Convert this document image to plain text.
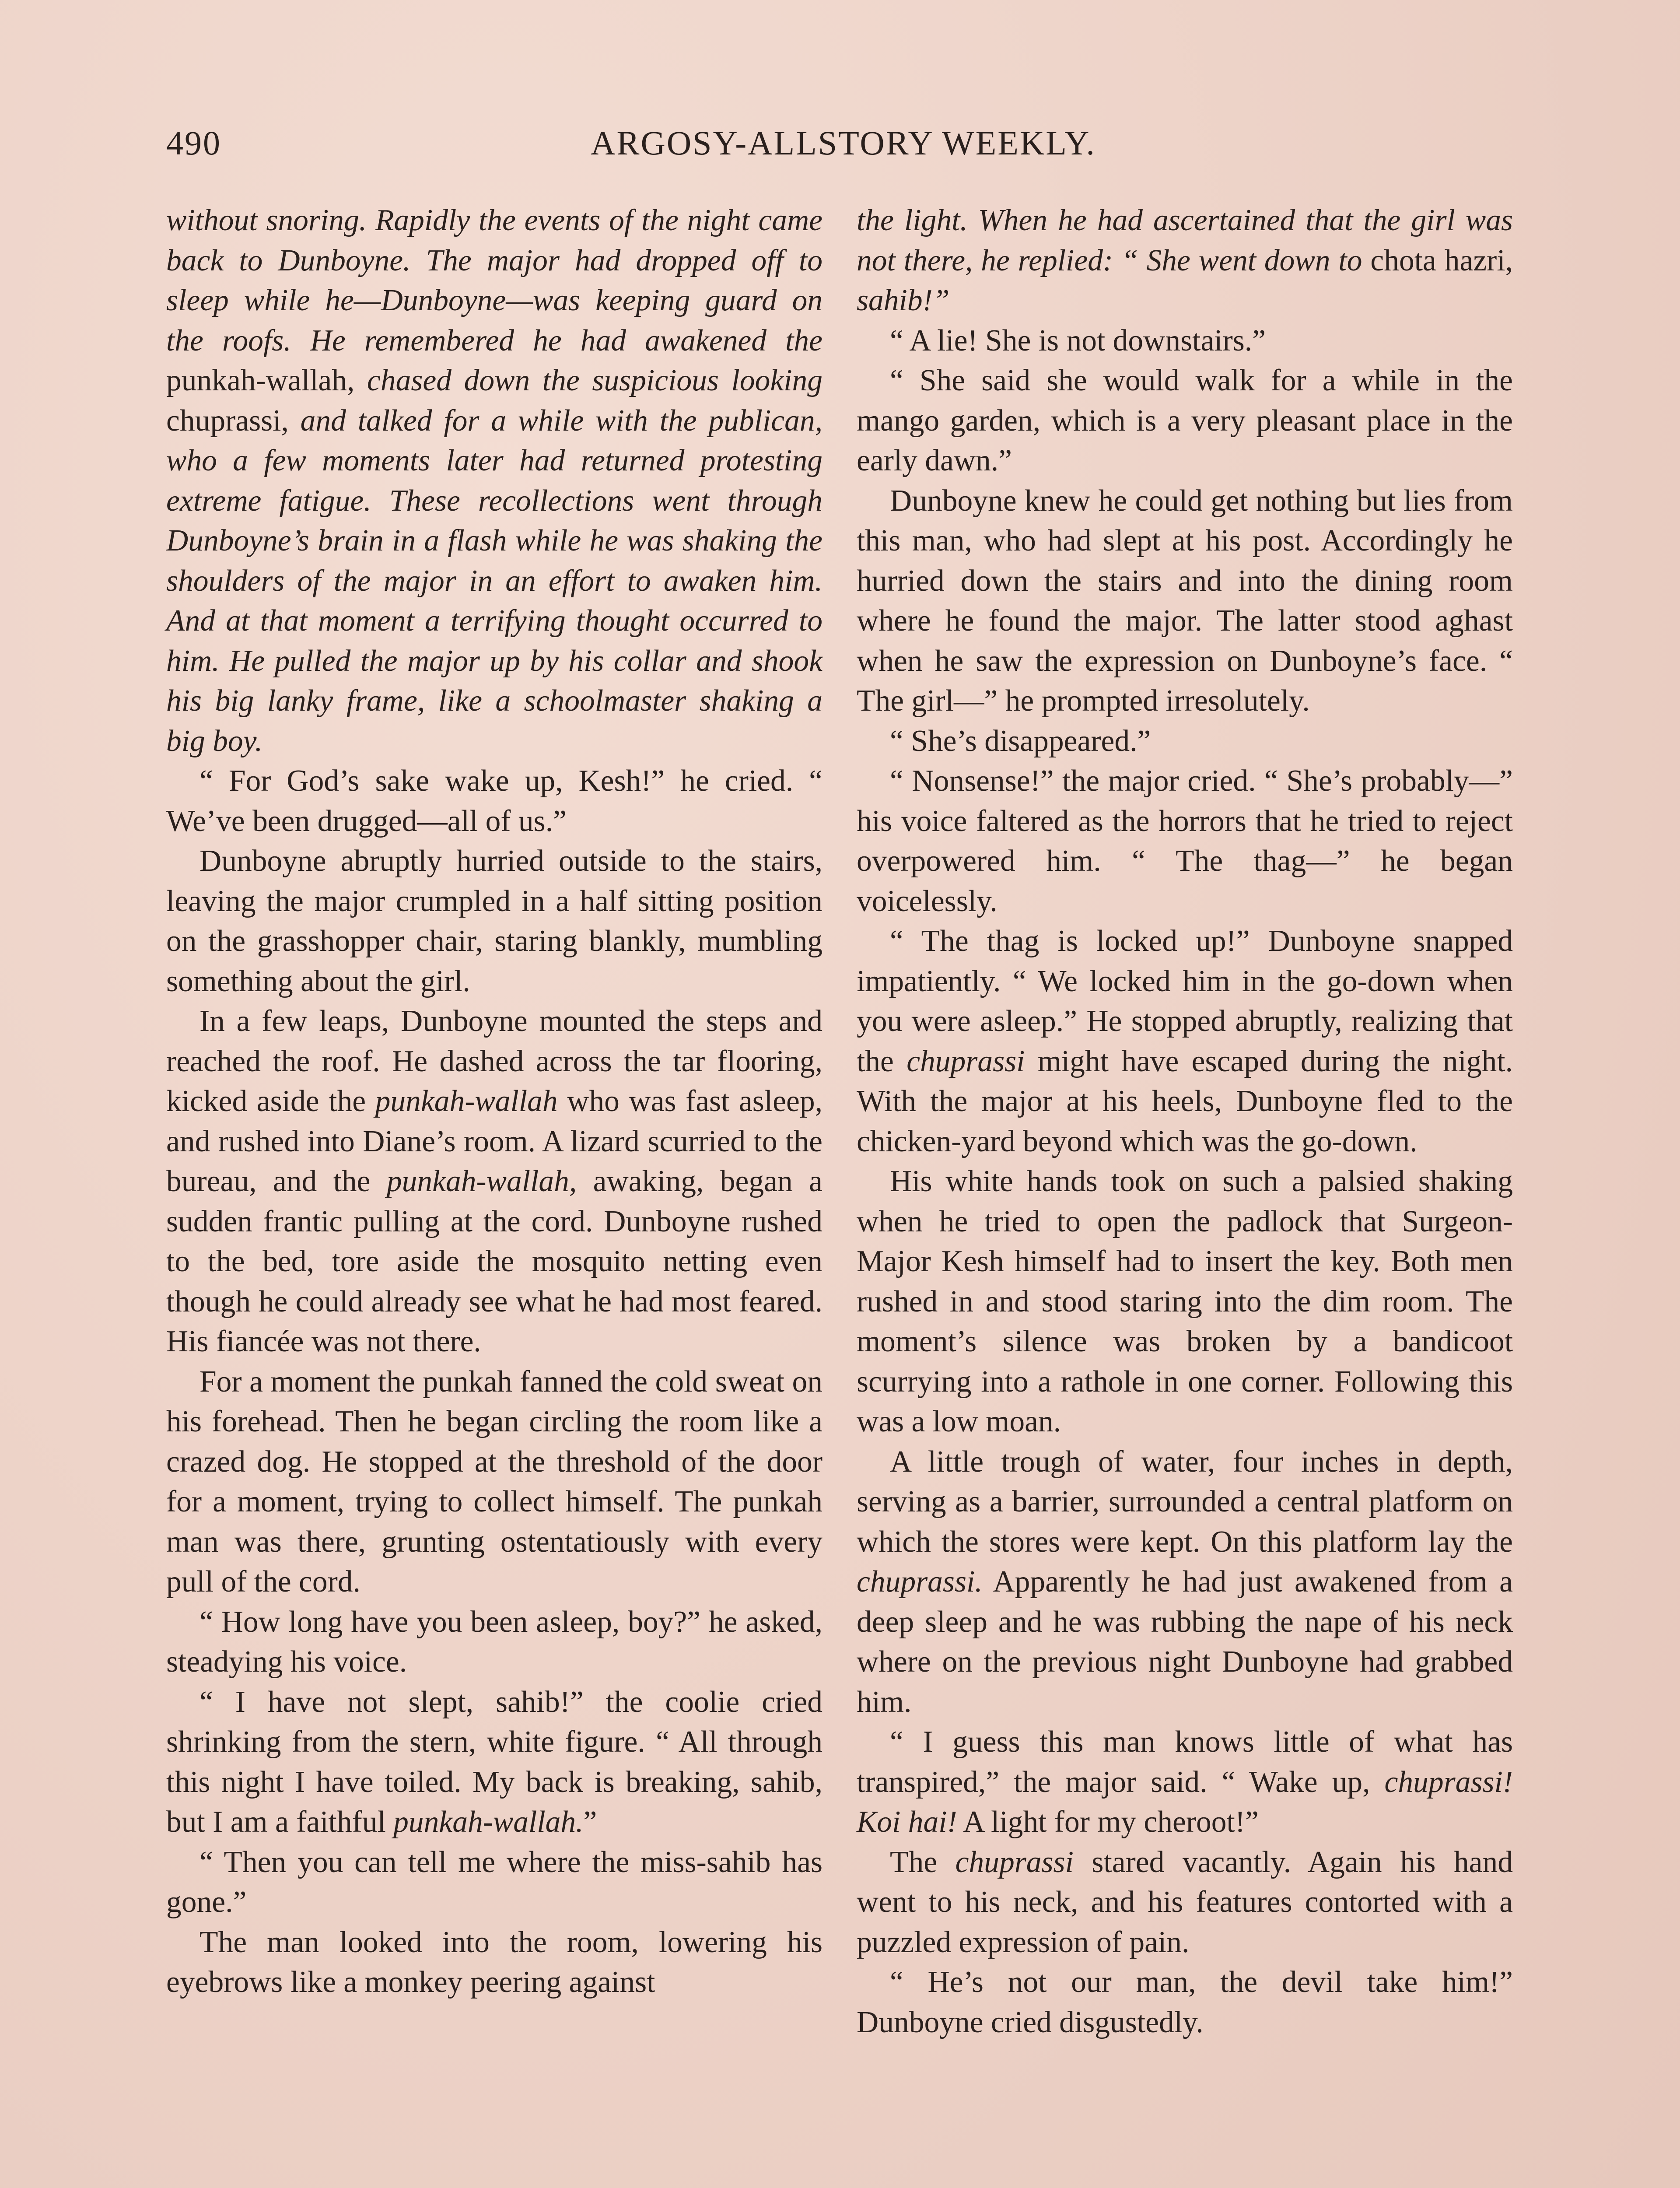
490	ARGOSY-ALLSTORY WEEKLY.

without snoring. Rapidly the events of the night came back to Dunboyne. The major had dropped off to sleep while he—Dunboyne—was keeping guard on the roofs. He remembered he had awakened the punkah-wallah, chased down the suspicious looking chuprassi, and talked for a while with the publican, who a few moments later had returned protesting extreme fatigue. These recollections went through Dunboyne’s brain in a flash while he was shaking the shoulders of the major in an effort to awaken him. And at that moment a terrifying thought occurred to him. He pulled the major up by his collar and shook his big lanky frame, like a schoolmaster shaking a big boy.

“ For God’s sake wake up, Kesh!” he cried. “ We’ve been drugged—all of us.”

Dunboyne abruptly hurried outside to the stairs, leaving the major crumpled in a half sitting position on the grasshopper chair, staring blankly, mumbling something about the girl.

In a few leaps, Dunboyne mounted the steps and reached the roof. He dashed across the tar flooring, kicked aside the punkah-wallah who was fast asleep, and rushed into Diane’s room. A lizard scurried to the bureau, and the punkah-wallah, awaking, began a sudden frantic pulling at the cord. Dunboyne rushed to the bed, tore aside the mosquito netting even though he could already see what he had most feared. His fiancée was not there.

For a moment the punkah fanned the cold sweat on his forehead. Then he began circling the room like a crazed dog. He stopped at the threshold of the door for a moment, trying to collect himself. The punkah man was there, grunting ostentatiously with every pull of the cord.

“ How long have you been asleep, boy?” he asked, steadying his voice.

“ I have not slept, sahib!” the coolie cried shrinking from the stern, white figure. “ All through this night I have toiled. My back is breaking, sahib, but I am a faithful punkah-wallah.”

“ Then you can tell me where the miss-sahib has gone.”

The man looked into the room, lowering his eyebrows like a monkey peering against

the light. When he had ascertained that the girl was not there, he replied: “ She went down to chota hazri, sahib!”

“ A lie! She is not downstairs.”

“ She said she would walk for a while in the mango garden, which is a very pleasant place in the early dawn.”

Dunboyne knew he could get nothing but lies from this man, who had slept at his post. Accordingly he hurried down the stairs and into the dining room where he found the major. The latter stood aghast when he saw the expression on Dunboyne’s face. “ The girl—” he prompted irresolutely.

“ She’s disappeared.”

“ Nonsense!” the major cried. “ She’s probably—” his voice faltered as the horrors that he tried to reject overpowered him. “ The thag—” he began voicelessly.

“ The thag is locked up!” Dunboyne snapped impatiently. “ We locked him in the go-down when you were asleep.” He stopped abruptly, realizing that the chuprassi might have escaped during the night. With the major at his heels, Dunboyne fled to the chicken-yard beyond which was the go-down.

His white hands took on such a palsied shaking when he tried to open the padlock that Surgeon-Major Kesh himself had to insert the key. Both men rushed in and stood staring into the dim room. The moment’s silence was broken by a bandicoot scurrying into a rathole in one corner. Following this was a low moan.

A little trough of water, four inches in depth, serving as a barrier, surrounded a central platform on which the stores were kept. On this platform lay the chuprassi. Apparently he had just awakened from a deep sleep and he was rubbing the nape of his neck where on the previous night Dunboyne had grabbed him.

“ I guess this man knows little of what has transpired,” the major said. “ Wake up, chuprassi! Koi hai! A light for my cheroot!”

The chuprassi stared vacantly. Again his hand went to his neck, and his features contorted with a puzzled expression of pain.

“ He’s not our man, the devil take him!” Dunboyne cried disgustedly.
